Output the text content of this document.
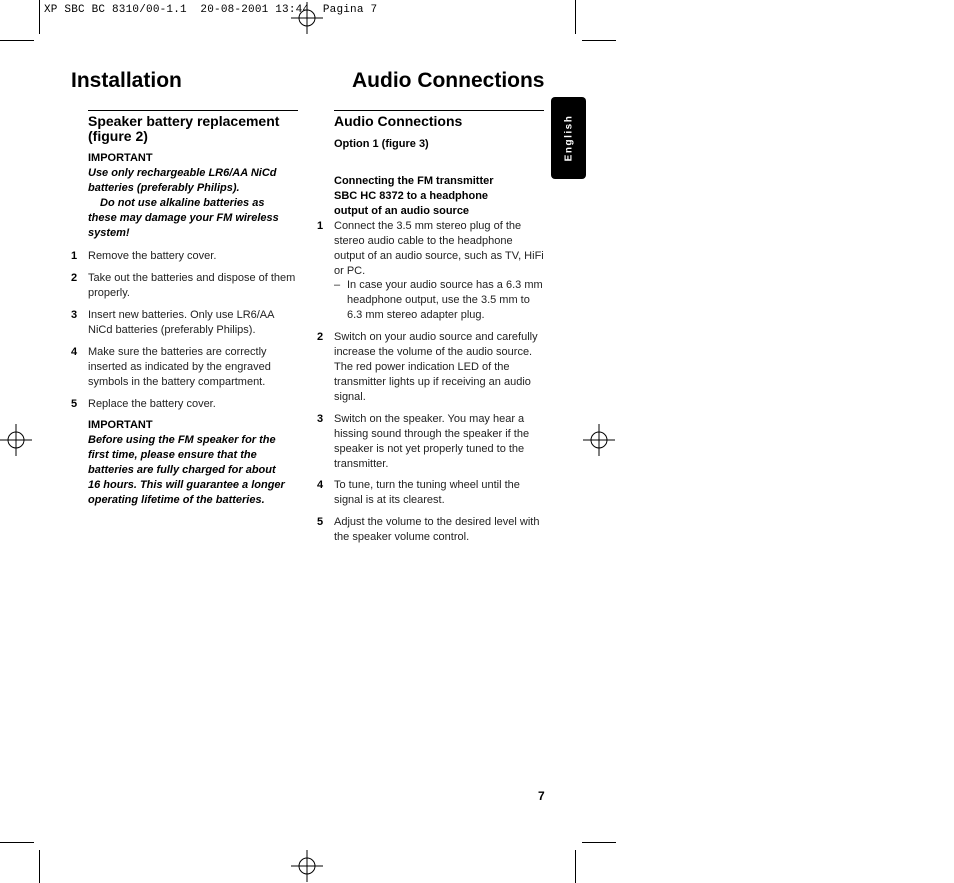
XP SBC BC 8310/00-1.1  20-08-2001 13:44  Pagina 7
Installation	Audio Connections
English
Speaker battery replacement
(figure 2)
IMPORTANT
Use only rechargeable LR6/AA NiCd
batteries (preferably Philips).
Do not use alkaline batteries as
these may damage your FM wireless
system!
1 Remove the battery cover.
2 Take out the batteries and dispose of them
properly.
3 Insert new batteries. Only use LR6/AA
NiCd batteries (preferably Philips).
4 Make sure the batteries are correctly
inserted as indicated by the engraved
symbols in the battery compartment.
5 Replace the battery cover.
IMPORTANT
Before using the FM speaker for the
first time, please ensure that the
batteries are fully charged for about
16 hours. This will guarantee a longer
operating lifetime of the batteries.
Audio Connections
Option 1 (figure 3)
Connecting the FM transmitter
SBC HC 8372 to a headphone
output of an audio source
1 Connect the 3.5 mm stereo plug of the
stereo audio cable to the headphone
output of an audio source, such as TV, HiFi
or PC.
– In case your audio source has a 6.3 mm
headphone output, use the 3.5 mm to
6.3 mm stereo adapter plug.
2 Switch on your audio source and carefully
increase the volume of the audio source.
The red power indication LED of the
transmitter lights up if receiving an audio
signal.
3 Switch on the speaker. You may hear a
hissing sound through the speaker if the
speaker is not yet properly tuned to the
transmitter.
4 To tune, turn the tuning wheel until the
signal is at its clearest.
5 Adjust the volume to the desired level with
the speaker volume control.
7
